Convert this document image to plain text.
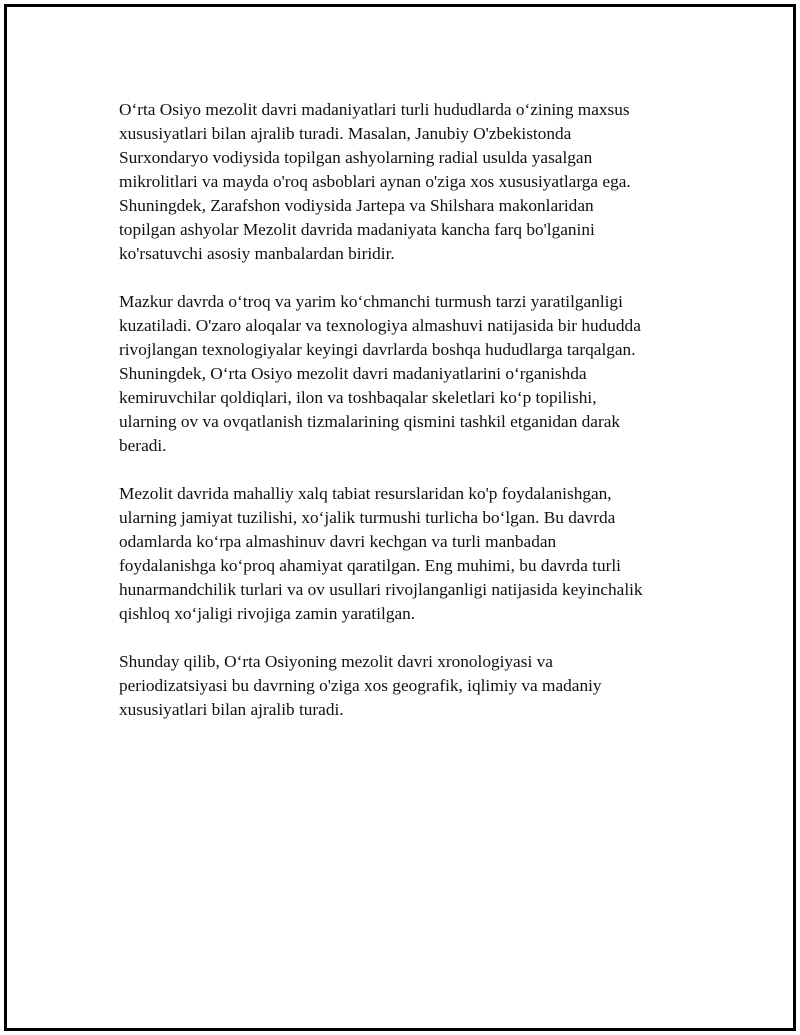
O‘rta Osiyo mezolit davri madaniyatlari turli hududlarda o‘zining maxsus
xususiyatlari bilan ajralib turadi. Masalan, Janubiy O'zbekistonda
Surxondaryo vodiysida topilgan ashyolarning radial usulda yasalgan
mikrolitlari va mayda o'roq asboblari aynan o'ziga xos xususiyatlarga ega.
Shuningdek, Zarafshon vodiysida Jartepa va Shilshara makonlaridan
topilgan ashyolar Mezolit davrida madaniyata kancha farq bo'lganini
ko'rsatuvchi asosiy manbalardan biridir.

Mazkur davrda o‘troq va yarim ko‘chmanchi turmush tarzi yaratilganligi
kuzatiladi. O'zaro aloqalar va texnologiya almashuvi natijasida bir hududda
rivojlangan texnologiyalar keyingi davrlarda boshqa hududlarga tarqalgan.
Shuningdek, O‘rta Osiyo mezolit davri madaniyatlarini o‘rganishda
kemiruvchilar qoldiqlari, ilon va toshbaqalar skeletlari ko‘p topilishi,
ularning ov va ovqatlanish tizmalarining qismini tashkil etganidan darak
beradi.

Mezolit davrida mahalliy xalq tabiat resurslaridan ko'p foydalanishgan,
ularning jamiyat tuzilishi, xo‘jalik turmushi turlicha bo‘lgan. Bu davrda
odamlarda ko‘rpa almashinuv davri kechgan va turli manbadan
foydalanishga ko‘proq ahamiyat qaratilgan. Eng muhimi, bu davrda turli
hunarmandchilik turlari va ov usullari rivojlanganligi natijasida keyinchalik
qishloq xo‘jaligi rivojiga zamin yaratilgan.

Shunday qilib, O‘rta Osiyoning mezolit davri xronologiyasi va
periodizatsiyasi bu davrning o'ziga xos geografik, iqlimiy va madaniy
xususiyatlari bilan ajralib turadi.
